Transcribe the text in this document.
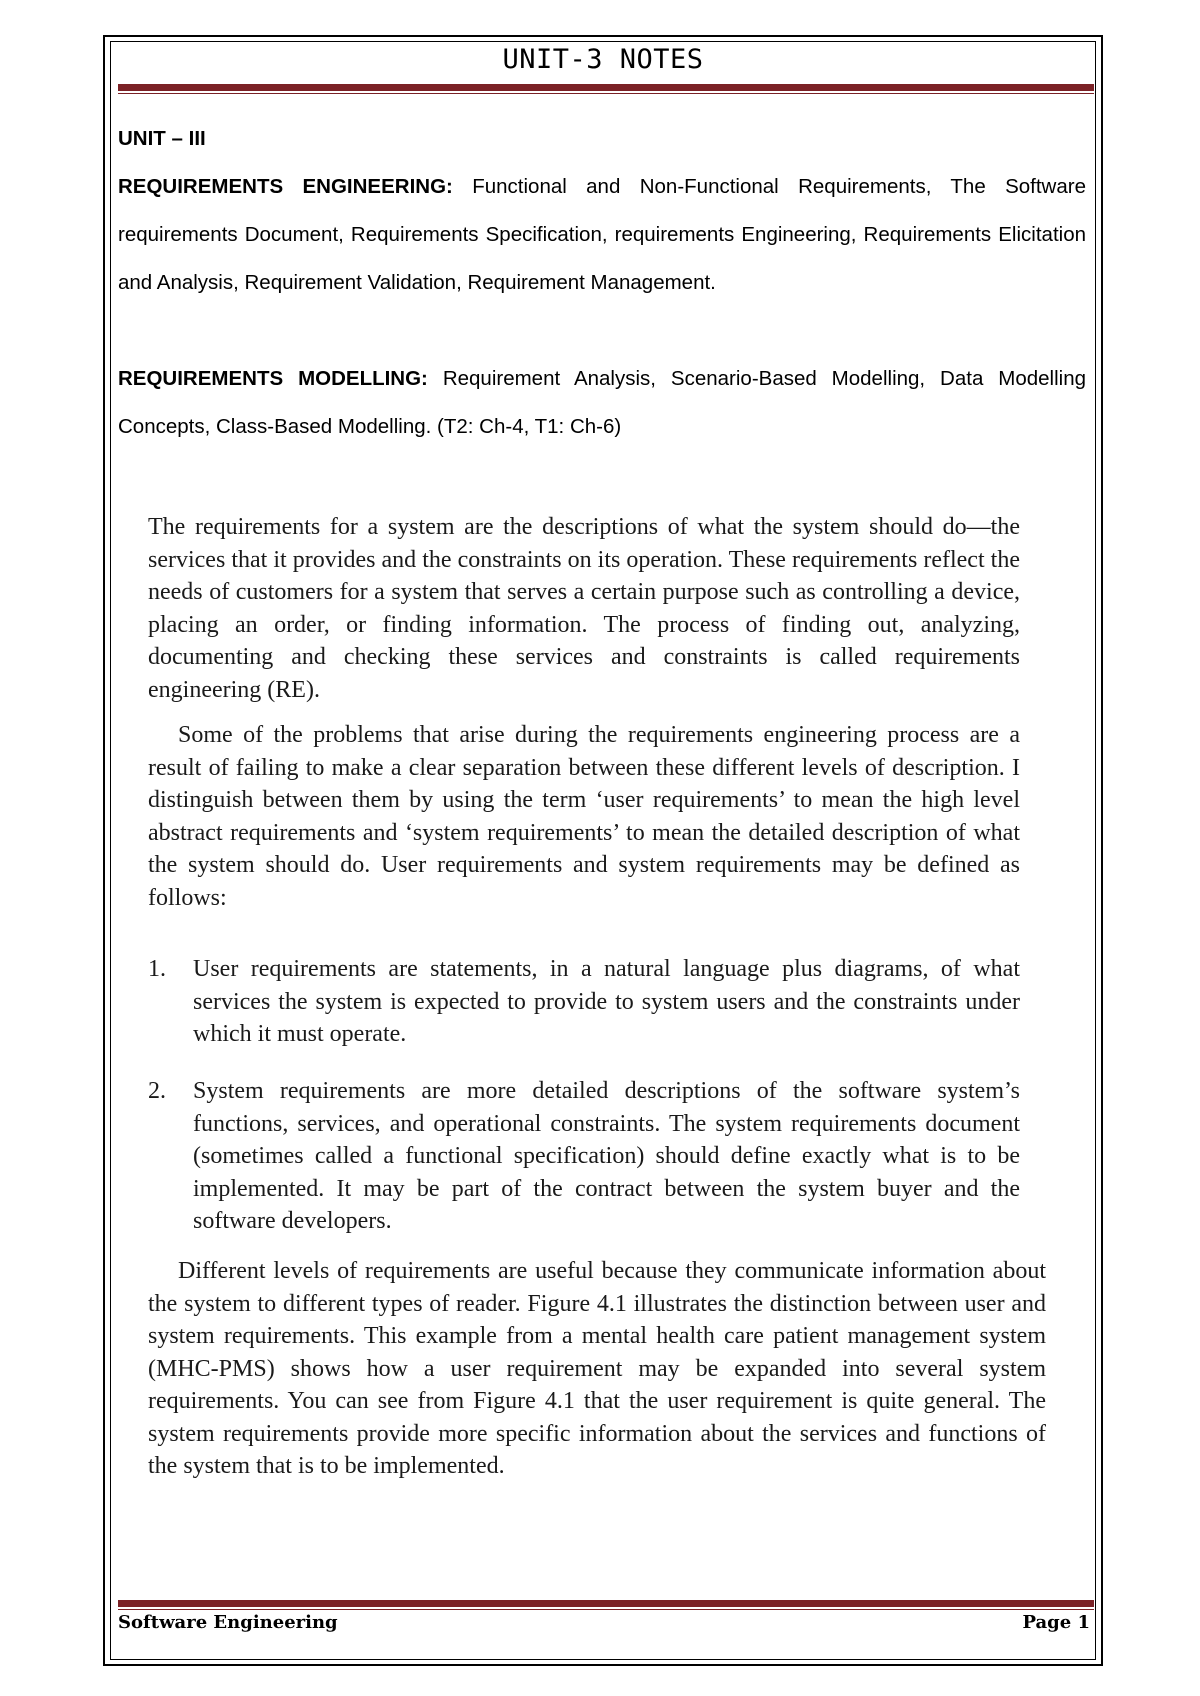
UNIT-3 NOTES
UNIT – III
REQUIREMENTS ENGINEERING: Functional and Non-Functional Requirements, The Software requirements Document, Requirements Specification, requirements Engineering, Requirements Elicitation and Analysis, Requirement Validation, Requirement Management.
REQUIREMENTS MODELLING: Requirement Analysis, Scenario-Based Modelling, Data Modelling Concepts, Class-Based Modelling. (T2: Ch-4, T1: Ch-6)
The requirements for a system are the descriptions of what the system should do—the services that it provides and the constraints on its operation. These requirements reflect the needs of customers for a system that serves a certain purpose such as controlling a device, placing an order, or finding information. The process of finding out, analyzing, documenting and checking these services and constraints is called requirements engineering (RE).
Some of the problems that arise during the requirements engineering process are a result of failing to make a clear separation between these different levels of description. I distinguish between them by using the term ‘user requirements’ to mean the high level abstract requirements and ‘system requirements’ to mean the detailed description of what the system should do. User requirements and system requirements may be defined as follows:
1. User requirements are statements, in a natural language plus diagrams, of what services the system is expected to provide to system users and the constraints under which it must operate.
2. System requirements are more detailed descriptions of the software system’s functions, services, and operational constraints. The system requirements document (sometimes called a functional specification) should define exactly what is to be implemented. It may be part of the contract between the system buyer and the software developers.
Different levels of requirements are useful because they communicate information about the system to different types of reader. Figure 4.1 illustrates the distinction between user and system requirements. This example from a mental health care patient management system (MHC-PMS) shows how a user requirement may be expanded into several system requirements. You can see from Figure 4.1 that the user requirement is quite general. The system requirements provide more specific information about the services and functions of the system that is to be implemented.
Software Engineering	Page 1
